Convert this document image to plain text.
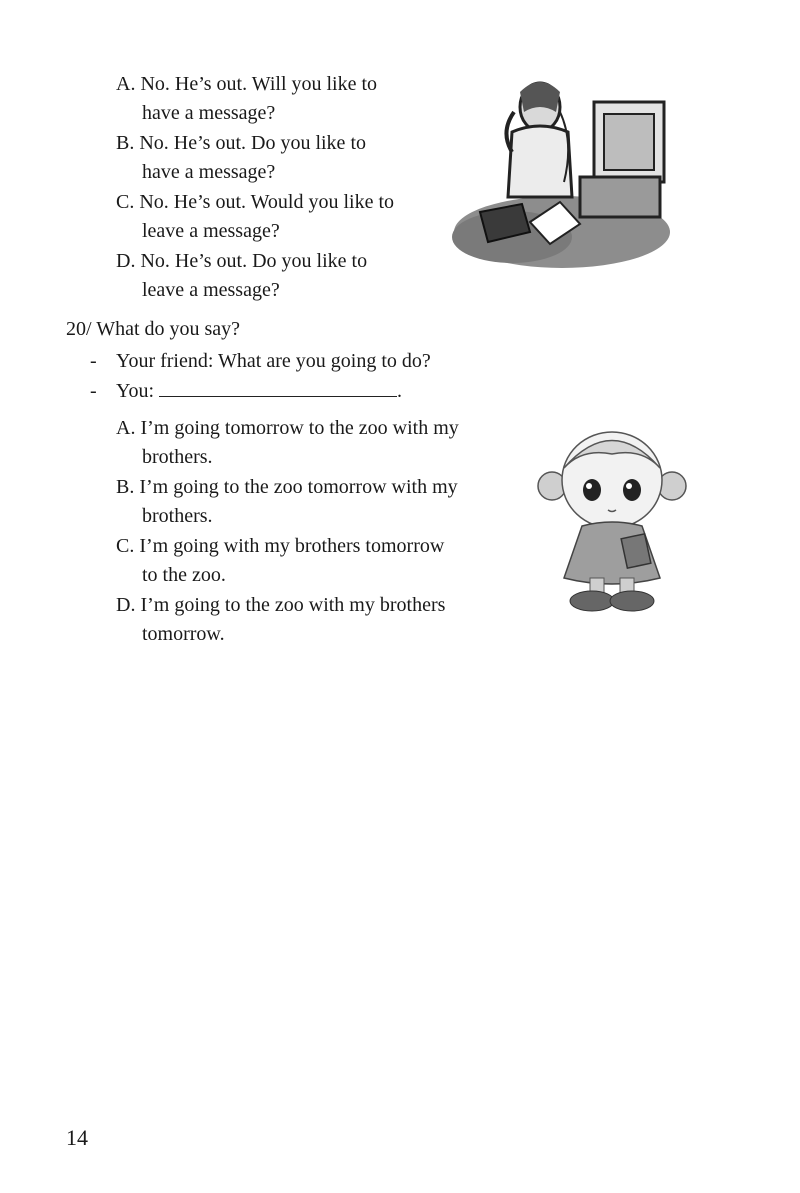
A. No. He’s out. Will you like to
have a message?
B. No. He’s out. Do you like to
have a message?
C. No. He’s out. Would you like to
leave a message?
D. No. He’s out. Do you like to
leave a message?
20/ What do you say?
- Your friend: What are you going to do?
- You:	.
A. I’m going tomorrow to the zoo with my
brothers.
B. I’m going to the zoo tomorrow with my
brothers.
C. I’m going with my brothers tomorrow
to the zoo.
D. I’m going to the zoo with my brothers
tomorrow.
14
